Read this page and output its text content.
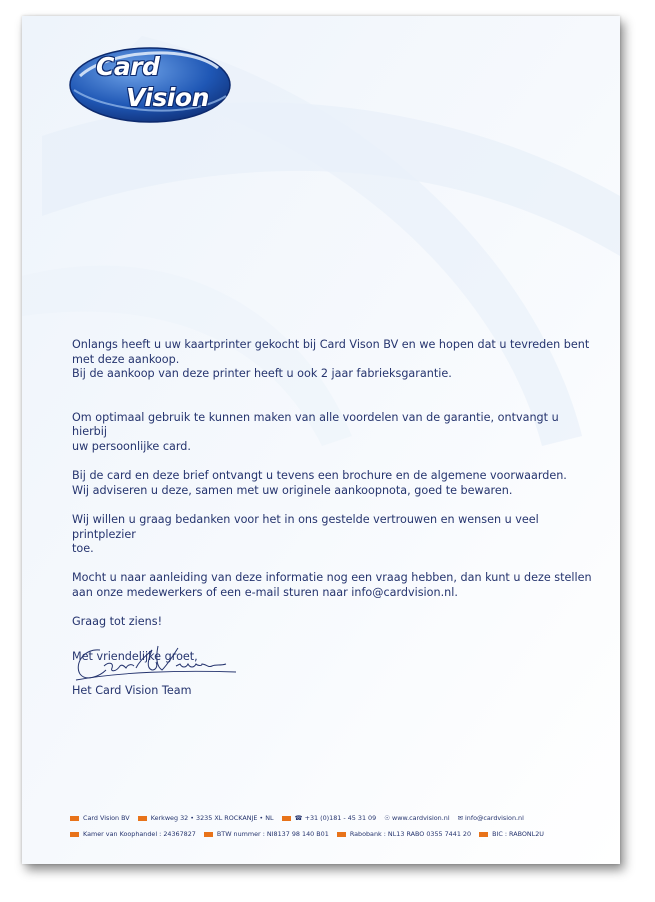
Card
Vision

Onlangs heeft u uw kaartprinter gekocht bij Card Vison BV en we hopen dat u tevreden bent

met deze aankoop.

Bij de aankoop van deze printer heeft u ook 2 jaar fabrieksgarantie.

Om optimaal gebruik te kunnen maken van alle voordelen van de garantie, ontvangt u hierbij

uw persoonlijke card.

Bij de card en deze brief ontvangt u tevens een brochure en de algemene voorwaarden.

Wij adviseren u deze, samen met uw originele aankoopnota, goed te bewaren.

Wij willen u graag bedanken voor het in ons gestelde vertrouwen en wensen u veel printplezier

toe.

Mocht u naar aanleiding van deze informatie nog een vraag hebben, dan kunt u deze stellen

aan onze medewerkers of een e-mail sturen naar info@cardvision.nl.

Graag tot ziens!

Met vriendelijke groet,

Het Card Vision Team
Card Vision BV	Kerkweg 32 • 3235 XL ROCKANJE • NL	☎ +31 (0)181 - 45 31 09 ☉ www.cardvision.nl ✉ info@cardvision.nl
Kamer van Koophandel : 24367827	BTW nummer : NI8137 98 140 B01	Rabobank : NL13 RABO 0355 7441 20	BIC : RABONL2U
